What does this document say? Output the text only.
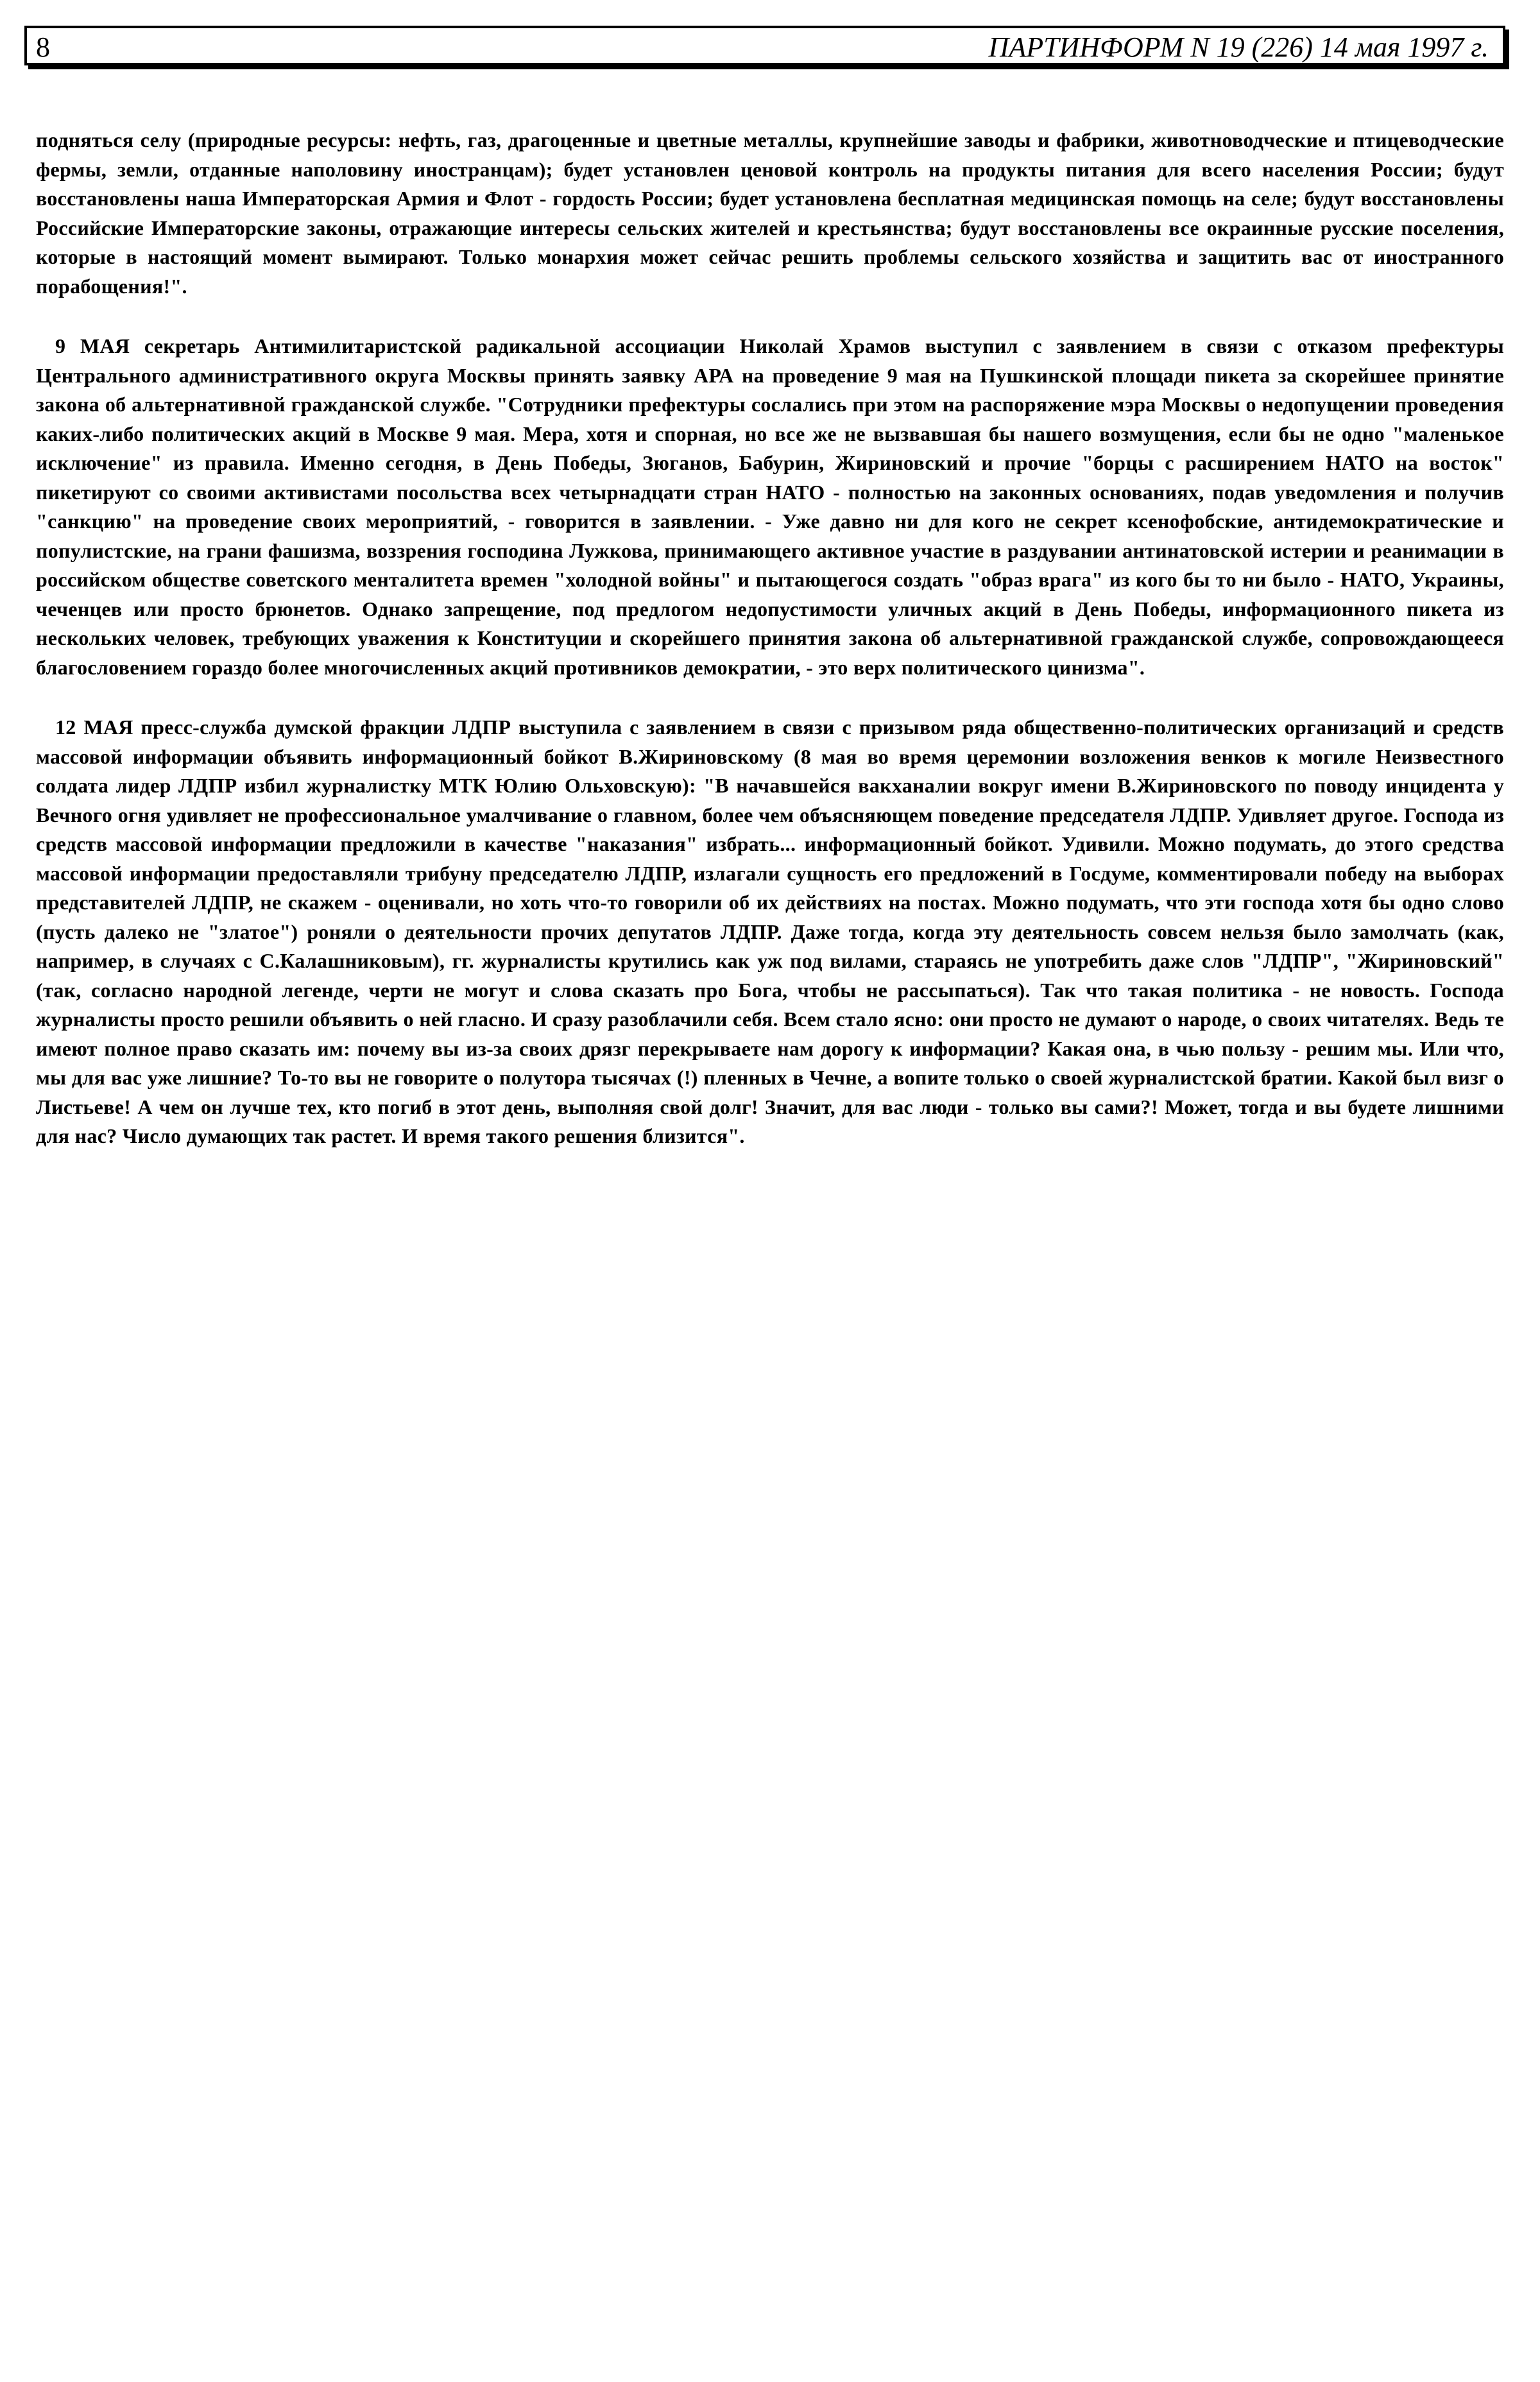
8	ПАРТИНФОРМ N 19 (226) 14 мая 1997 г.

подняться селу (природные ресурсы: нефть, газ, драгоценные и цветные металлы, крупнейшие заводы и фабрики, животноводческие и птицеводческие фермы, земли, отданные наполовину иностранцам); будет установлен ценовой контроль на продукты питания для всего населения России; будут восстановлены наша Императорская Армия и Флот - гордость России; будет установлена бесплатная медицинская помощь на селе; будут восстановлены Российские Императорские законы, отражающие интересы сельских жителей и крестьянства; будут восстановлены все окраинные русские поселения, которые в настоящий момент вымирают. Только монархия может сейчас решить проблемы сельского хозяйства и защитить вас от иностранного порабощения!".

9 МАЯ секретарь Антимилитаристской радикальной ассоциации Николай Храмов выступил с заявлением в связи с отказом префектуры Центрального административного округа Москвы принять заявку АРА на проведение 9 мая на Пушкинской площади пикета за скорейшее принятие закона об альтернативной гражданской службе. "Сотрудники префектуры сослались при этом на распоряжение мэра Москвы о недопущении проведения каких-либо политических акций в Москве 9 мая. Мера, хотя и спорная, но все же не вызвавшая бы нашего возмущения, если бы не одно "маленькое исключение" из правила. Именно сегодня, в День Победы, Зюганов, Бабурин, Жириновский и прочие "борцы с расширением НАТО на восток" пикетируют со своими активистами посольства всех четырнадцати стран НАТО - полностью на законных основаниях, подав уведомления и получив "санкцию" на проведение своих мероприятий, - говорится в заявлении. - Уже давно ни для кого не секрет ксенофобские, антидемократические и популистские, на грани фашизма, воззрения господина Лужкова, принимающего активное участие в раздувании антинатовской истерии и реанимации в российском обществе советского менталитета времен "холодной войны" и пытающегося создать "образ врага" из кого бы то ни было - НАТО, Украины, чеченцев или просто брюнетов. Однако запрещение, под предлогом недопустимости уличных акций в День Победы, информационного пикета из нескольких человек, требующих уважения к Конституции и скорейшего принятия закона об альтернативной гражданской службе, сопровождающееся благословением гораздо более многочисленных акций противников демократии, - это верх политического цинизма".

12 МАЯ пресс-служба думской фракции ЛДПР выступила с заявлением в связи с призывом ряда общественно-политических организаций и средств массовой информации объявить информационный бойкот В.Жириновскому (8 мая во время церемонии возложения венков к могиле Неизвестного солдата лидер ЛДПР избил журналистку МТК Юлию Ольховскую): "В начавшейся вакханалии вокруг имени В.Жириновского по поводу инцидента у Вечного огня удивляет не профессиональное умалчивание о главном, более чем объясняющем поведение председателя ЛДПР. Удивляет другое. Господа из средств массовой информации предложили в качестве "наказания" избрать... информационный бойкот. Удивили. Можно подумать, до этого средства массовой информации предоставляли трибуну председателю ЛДПР, излагали сущность его предложений в Госдуме, комментировали победу на выборах представителей ЛДПР, не скажем - оценивали, но хоть что-то говорили об их действиях на постах. Можно подумать, что эти господа хотя бы одно слово (пусть далеко не "златое") роняли о деятельности прочих депутатов ЛДПР. Даже тогда, когда эту деятельность совсем нельзя было замолчать (как, например, в случаях с С.Калашниковым), гг. журналисты крутились как уж под вилами, стараясь не употребить даже слов "ЛДПР", "Жириновский" (так, согласно народной легенде, черти не могут и слова сказать про Бога, чтобы не рассыпаться). Так что такая политика - не новость. Господа журналисты просто решили объявить о ней гласно. И сразу разоблачили себя. Всем стало ясно: они просто не думают о народе, о своих читателях. Ведь те имеют полное право сказать им: почему вы из-за своих дрязг перекрываете нам дорогу к информации? Какая она, в чью пользу - решим мы. Или что, мы для вас уже лишние? То-то вы не говорите о полутора тысячах (!) пленных в Чечне, а вопите только о своей журналистской братии. Какой был визг о Листьеве! А чем он лучше тех, кто погиб в этот день, выполняя свой долг! Значит, для вас люди - только вы сами?! Может, тогда и вы будете лишними для нас? Число думающих так растет. И время такого решения близится".
